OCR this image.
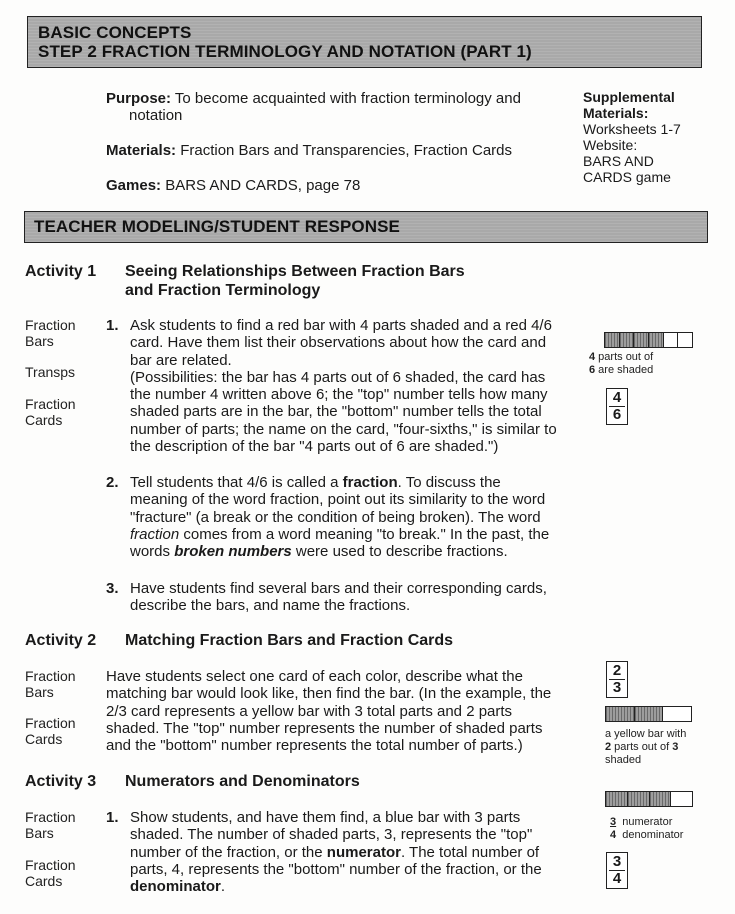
BASIC CONCEPTS
STEP 2 FRACTION TERMINOLOGY AND NOTATION (PART 1)
Purpose: To become acquainted with fraction terminology and
notation
Materials: Fraction Bars and Transparencies, Fraction Cards
Games: BARS AND CARDS, page 78
Supplemental
Materials:
Worksheets 1-7
Website:
BARS AND
CARDS game
TEACHER MODELING/STUDENT RESPONSE
Activity 1 Seeing Relationships Between Fraction Bars
and Fraction Terminology
Fraction
Bars
Transps
Fraction
Cards
1. Ask students to find a red bar with 4 parts shaded and a red 4/6
card. Have them list their observations about how the card and
bar are related.
(Possibilities: the bar has 4 parts out of 6 shaded, the card has
the number 4 written above 6; the "top" number tells how many
shaded parts are in the bar, the "bottom" number tells the total
number of parts; the name on the card, "four-sixths," is similar to
the description of the bar "4 parts out of 6 are shaded.")
2. Tell students that 4/6 is called a fraction. To discuss the
meaning of the word fraction, point out its similarity to the word
"fracture" (a break or the condition of being broken). The word
fraction comes from a word meaning "to break." In the past, the
words broken numbers were used to describe fractions.
3. Have students find several bars and their corresponding cards,
describe the bars, and name the fractions.
4 parts out of
6 are shaded
4
6
Activity 2 Matching Fraction Bars and Fraction Cards
Fraction
Bars
Fraction
Cards
Have students select one card of each color, describe what the
matching bar would look like, then find the bar. (In the example, the
2/3 card represents a yellow bar with 3 total parts and 2 parts
shaded. The "top" number represents the number of shaded parts
and the "bottom" number represents the total number of parts.)
2
3
a yellow bar with
2 parts out of 3
shaded
Activity 3 Numerators and Denominators
Fraction
Bars
Fraction
Cards
1. Show students, and have them find, a blue bar with 3 parts
shaded. The number of shaded parts, 3, represents the "top"
number of the fraction, or the numerator. The total number of
parts, 4, represents the "bottom" number of the fraction, or the
denominator.
3 numerator
4 denominator
3
4
